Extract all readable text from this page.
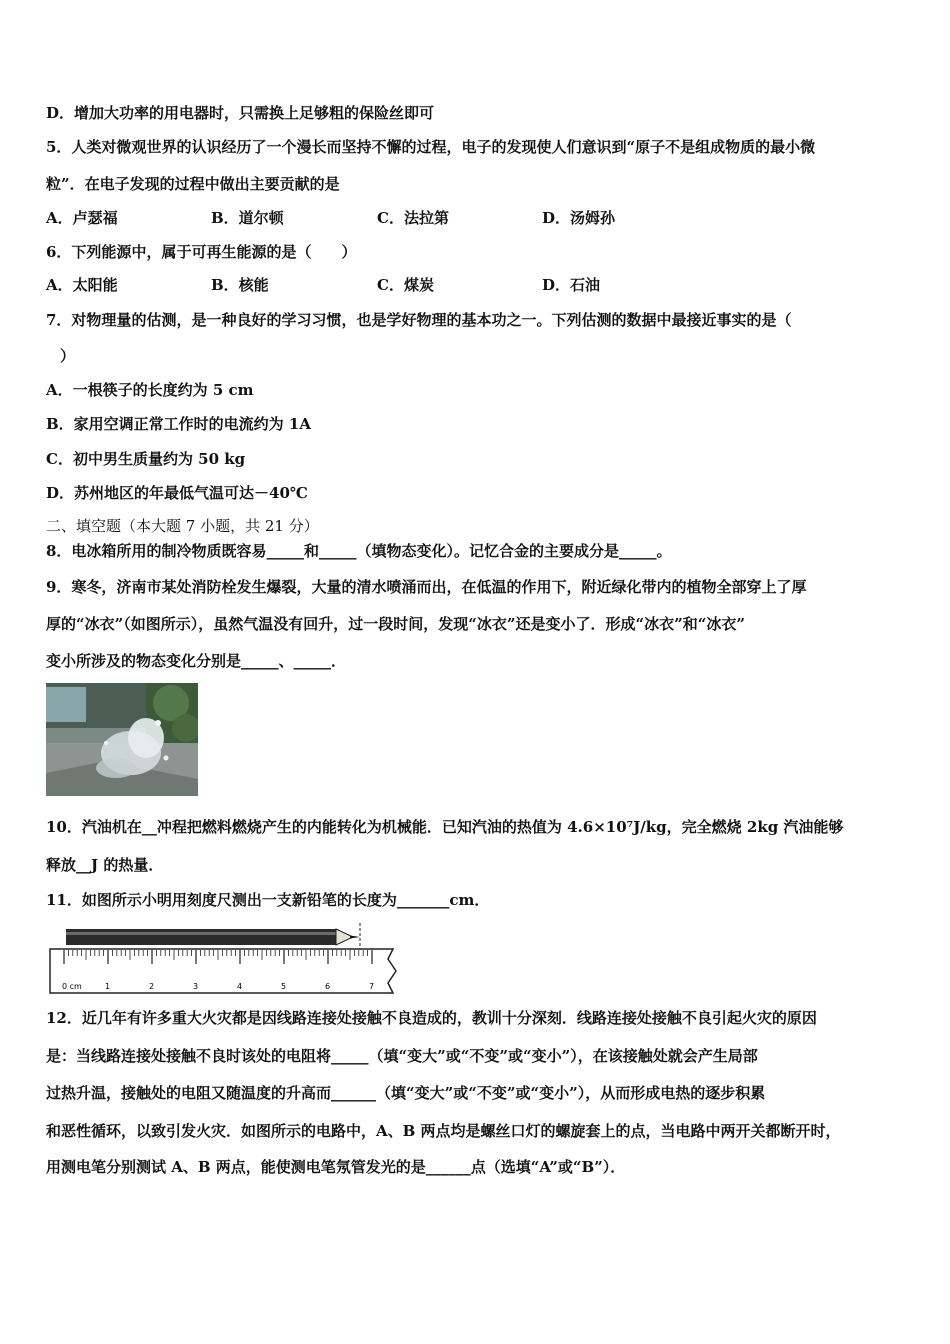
D．增加大功率的用电器时，只需换上足够粗的保险丝即可
5．人类对微观世界的认识经历了一个漫长而坚持不懈的过程，电子的发现使人们意识到“原子不是组成物质的最小微
粒”．在电子发现的过程中做出主要贡献的是
A．卢瑟福	B．道尔顿	C．法拉第	D．汤姆孙
6．下列能源中，属于可再生能源的是（　　）
A．太阳能	B．核能	C．煤炭	D．石油
7．对物理量的估测，是一种良好的学习习惯，也是学好物理的基本功之一。下列估测的数据中最接近事实的是（
）
A．一根筷子的长度约为 5 cm
B．家用空调正常工作时的电流约为 1A
C．初中男生质量约为 50 kg
D．苏州地区的年最低气温可达－40℃
二、填空题（本大题 7 小题，共 21 分）
8．电冰箱所用的制冷物质既容易_____和_____（填物态变化）。记忆合金的主要成分是_____。
9．寒冬，济南市某处消防栓发生爆裂，大量的清水喷涌而出，在低温的作用下，附近绿化带内的植物全部穿上了厚
厚的“冰衣”（如图所示），虽然气温没有回升，过一段时间，发现“冰衣”还是变小了．形成“冰衣”和“冰衣”
变小所涉及的物态变化分别是_____、_____．
10．汽油机在__冲程把燃料燃烧产生的内能转化为机械能．已知汽油的热值为 4.6×10⁷J/kg，完全燃烧 2kg 汽油能够
释放__J 的热量．
11．如图所示小明用刻度尺测出一支新铅笔的长度为_______cm．
0 cm	1	2	3	4	5	6	7
12．近几年有许多重大火灾都是因线路连接处接触不良造成的，教训十分深刻．线路连接处接触不良引起火灾的原因
是：当线路连接处接触不良时该处的电阻将_____（填“变大”或“不变”或“变小”），在该接触处就会产生局部
过热升温，接触处的电阻又随温度的升高而______（填“变大”或“不变”或“变小”），从而形成电热的逐步积累
和恶性循环，以致引发火灾．如图所示的电路中，A、B 两点均是螺丝口灯的螺旋套上的点，当电路中两开关都断开时，
用测电笔分别测试 A、B 两点，能使测电笔氖管发光的是______点（选填“A”或“B”）．
